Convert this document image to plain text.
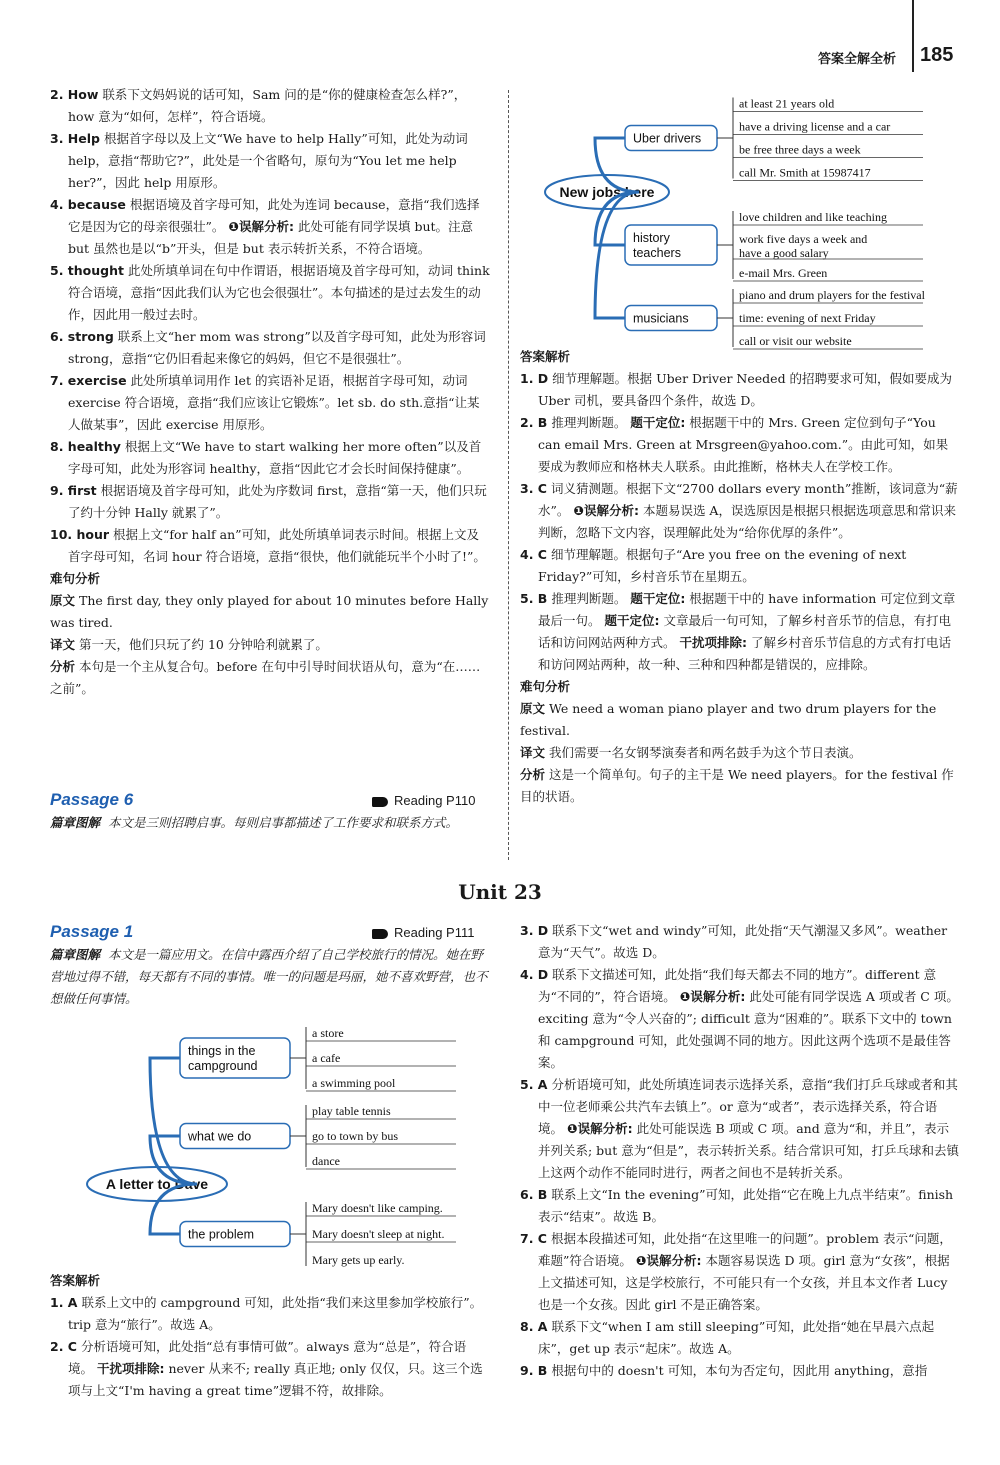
答案全解全析 185

2. How 联系下文妈妈说的话可知，Sam 问的是“你的健康检查怎么样?”，how 意为“如何，怎样”，符合语境。

3. Help 根据首字母以及上文“We have to help Hally”可知，此处为动词 help，意指“帮助它?”，此处是一个省略句，原句为“You let me help her?”，因此 help 用原形。

4. because 根据语境及首字母可知，此处为连词 because，意指“我们选择它是因为它的母亲很强壮”。 ❶误解分析: 此处可能有同学误填 but。注意 but 虽然也是以“b”开头，但是 but 表示转折关系，不符合语境。

5. thought 此处所填单词在句中作谓语，根据语境及首字母可知，动词 think 符合语境，意指“因此我们认为它也会很强壮”。本句描述的是过去发生的动作，因此用一般过去时。

6. strong 联系上文“her mom was strong”以及首字母可知，此处为形容词 strong，意指“它仍旧看起来像它的妈妈，但它不是很强壮”。

7. exercise 此处所填单词用作 let 的宾语补足语，根据首字母可知，动词 exercise 符合语境，意指“我们应该让它锻炼”。let sb. do sth.意指“让某人做某事”，因此 exercise 用原形。

8. healthy 根据上文“We have to start walking her more often”以及首字母可知，此处为形容词 healthy，意指“因此它才会长时间保持健康”。

9. first 根据语境及首字母可知，此处为序数词 first，意指“第一天，他们只玩了约十分钟 Hally 就累了”。

10. hour 根据上文“for half an”可知，此处所填单词表示时间。根据上文及首字母可知，名词 hour 符合语境，意指“很快，他们就能玩半个小时了!”。

难句分析

原文 The first day, they only played for about 10 minutes before Hally was tired.

译文 第一天，他们只玩了约 10 分钟哈利就累了。

分析 本句是一个主从复合句。before 在句中引导时间状语从句，意为“在……之前”。

Passage 6	Reading P110
篇章图解 本文是三则招聘启事。每则启事都描述了工作要求和联系方式。
New jobs here
Uber drivers
at least 21 years old
have a driving license and a car
be free three days a week
call Mr. Smith at 15987417
history teachers
love children and like teaching
work five days a week and have a good salary
e-mail Mrs. Green
musicians
piano and drum players for the festival
time: evening of next Friday
call or visit our website

答案解析

1. D 细节理解题。根据 Uber Driver Needed 的招聘要求可知，假如要成为 Uber 司机，要具备四个条件，故选 D。

2. B 推理判断题。 题干定位: 根据题干中的 Mrs. Green 定位到句子“You can email Mrs. Green at Mrsgreen@yahoo.com.”。由此可知，如果要成为教师应和格林夫人联系。由此推断，格林夫人在学校工作。

3. C 词义猜测题。根据下文“2700 dollars every month”推断，该词意为“薪水”。 ❶误解分析: 本题易误选 A，误选原因是根据只根据选项意思和常识来判断，忽略下文内容，误理解此处为“给你优厚的条件”。

4. C 细节理解题。根据句子“Are you free on the evening of next Friday?”可知，乡村音乐节在星期五。

5. B 推理判断题。 题干定位: 根据题干中的 have information 可定位到文章最后一句。 题干定位: 文章最后一句可知，了解乡村音乐节的信息，有打电话和访问网站两种方式。 干扰项排除: 了解乡村音乐节信息的方式有打电话和访问网站两种，故一种、三种和四种都是错误的，应排除。

难句分析

原文 We need a woman piano player and two drum players for the festival.

译文 我们需要一名女钢琴演奏者和两名鼓手为这个节日表演。

分析 这是一个简单句。句子的主干是 We need players。for the festival 作目的状语。

Unit 23
Passage 1	Reading P111
篇章图解 本文是一篇应用文。在信中露西介绍了自己学校旅行的情况。她在野营地过得不错，每天都有不同的事情。唯一的问题是玛丽，她不喜欢野营，也不想做任何事情。
A letter to Dave
things in the campground
a store
a cafe
a swimming pool
what we do
play table tennis
go to town by bus
dance
the problem
Mary doesn't like camping.
Mary doesn't sleep at night.
Mary gets up early.

答案解析

1. A 联系上文中的 campground 可知，此处指“我们来这里参加学校旅行”。trip 意为“旅行”。故选 A。

2. C 分析语境可知，此处指“总有事情可做”。always 意为“总是”，符合语境。 干扰项排除: never 从来不; really 真正地; only 仅仅，只。这三个选项与上文“I'm having a great time”逻辑不符，故排除。

3. D 联系下文“wet and windy”可知，此处指“天气潮湿又多风”。weather 意为“天气”。故选 D。

4. D 联系下文描述可知，此处指“我们每天都去不同的地方”。different 意为“不同的”，符合语境。 ❶误解分析: 此处可能有同学误选 A 项或者 C 项。exciting 意为“令人兴奋的”; difficult 意为“困难的”。联系下文中的 town 和 campground 可知，此处强调不同的地方。因此这两个选项不是最佳答案。

5. A 分析语境可知，此处所填连词表示选择关系，意指“我们打乒乓球或者和其中一位老师乘公共汽车去镇上”。or 意为“或者”，表示选择关系，符合语境。 ❶误解分析: 此处可能误选 B 项或 C 项。and 意为“和，并且”，表示并列关系; but 意为“但是”，表示转折关系。结合常识可知，打乒乓球和去镇上这两个动作不能同时进行，两者之间也不是转折关系。

6. B 联系上文“In the evening”可知，此处指“它在晚上九点半结束”。finish 表示“结束”。故选 B。

7. C 根据本段描述可知，此处指“在这里唯一的问题”。problem 表示“问题，难题”符合语境。 ❶误解分析: 本题容易误选 D 项。girl 意为“女孩”，根据上文描述可知，这是学校旅行，不可能只有一个女孩，并且本文作者 Lucy 也是一个女孩。因此 girl 不是正确答案。

8. A 联系下文“when I am still sleeping”可知，此处指“她在早晨六点起床”，get up 表示“起床”。故选 A。

9. B 根据句中的 doesn't 可知，本句为否定句，因此用 anything，意指
